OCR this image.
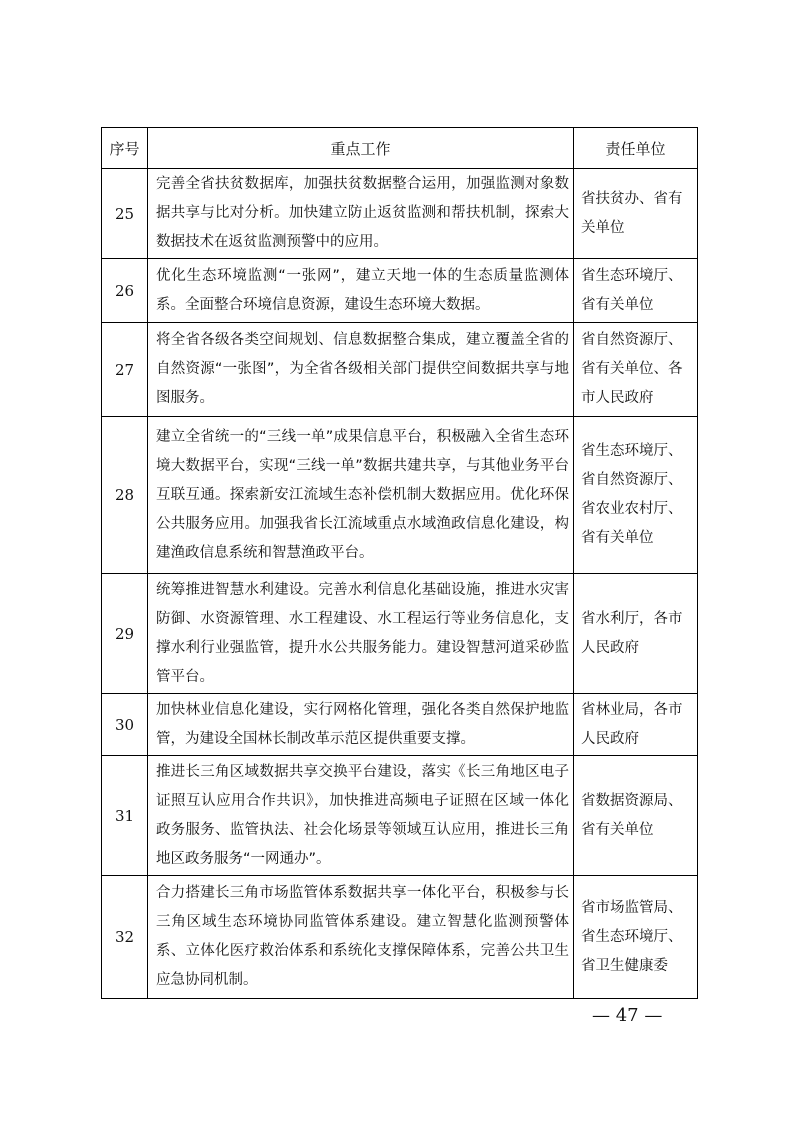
序号	重点工作	责任单位
25	完善全省扶贫数据库，加强扶贫数据整合运用，加强监测对象数据共享与比对分析。加快建立防止返贫监测和帮扶机制，探索大数据技术在返贫监测预警中的应用。	省扶贫办、省有关单位
26	优化生态环境监测“一张网”，建立天地一体的生态质量监测体系。全面整合环境信息资源，建设生态环境大数据。	省生态环境厅、省有关单位
27	将全省各级各类空间规划、信息数据整合集成，建立覆盖全省的自然资源“一张图”，为全省各级相关部门提供空间数据共享与地图服务。	省自然资源厅、省有关单位、各市人民政府
28	建立全省统一的“三线一单”成果信息平台，积极融入全省生态环境大数据平台，实现“三线一单”数据共建共享，与其他业务平台互联互通。探索新安江流域生态补偿机制大数据应用。优化环保公共服务应用。加强我省长江流域重点水域渔政信息化建设，构建渔政信息系统和智慧渔政平台。	省生态环境厅、省自然资源厅、省农业农村厅、省有关单位
29	统筹推进智慧水利建设。完善水利信息化基础设施，推进水灾害防御、水资源管理、水工程建设、水工程运行等业务信息化，支撑水利行业强监管，提升水公共服务能力。建设智慧河道采砂监管平台。	省水利厅，各市人民政府
30	加快林业信息化建设，实行网格化管理，强化各类自然保护地监管，为建设全国林长制改革示范区提供重要支撑。	省林业局，各市人民政府
31	推进长三角区域数据共享交换平台建设，落实《长三角地区电子证照互认应用合作共识》，加快推进高频电子证照在区域一体化政务服务、监管执法、社会化场景等领域互认应用，推进长三角地区政务服务“一网通办”。	省数据资源局、省有关单位
32	合力搭建长三角市场监管体系数据共享一体化平台，积极参与长三角区域生态环境协同监管体系建设。建立智慧化监测预警体系、立体化医疗救治体系和系统化支撑保障体系，完善公共卫生应急协同机制。	省市场监管局、省生态环境厅、省卫生健康委
— 47 —
